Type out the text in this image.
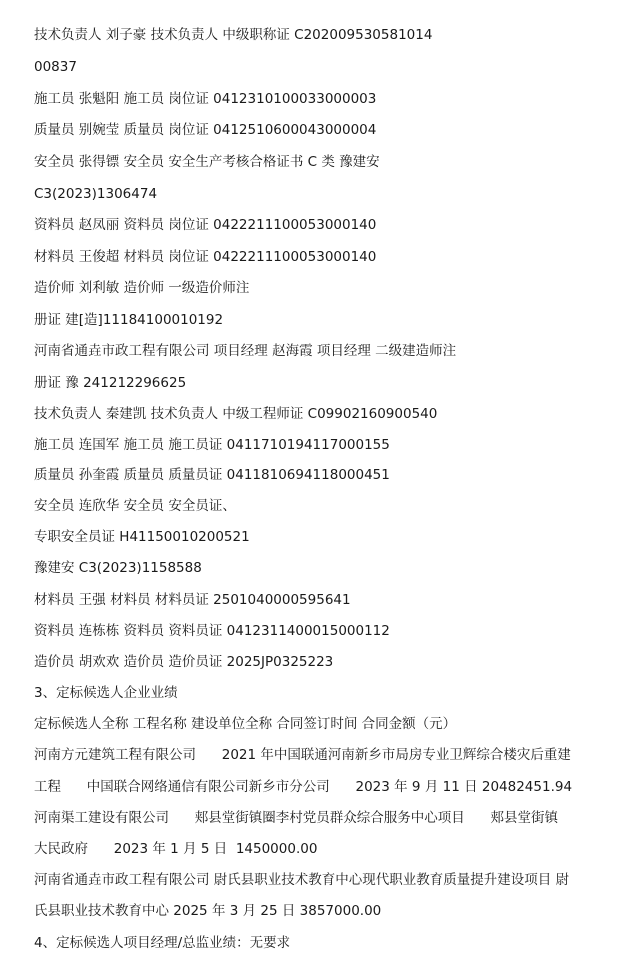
技术负责人 刘子豪 技术负责人 中级职称证 C202009530581014
00837
施工员 张魁阳 施工员 岗位证 0412310100033000003
质量员 别婉莹 质量员 岗位证 0412510600043000004
安全员 张得镖 安全员 安全生产考核合格证书 C 类 豫建安
C3(2023)1306474
资料员 赵凤丽 资料员 岗位证 0422211100053000140
材料员 王俊超 材料员 岗位证 0422211100053000140
造价师 刘利敏 造价师 一级造价师注
册证 建[造]11184100010192
河南省通垚市政工程有限公司 项目经理 赵海霞 项目经理 二级建造师注
册证 豫 241212296625
技术负责人 秦建凯 技术负责人 中级工程师证 C09902160900540
施工员 连国军 施工员 施工员证 0411710194117000155
质量员 孙奎霞 质量员 质量员证 0411810694118000451
安全员 连欣华 安全员 安全员证、
专职安全员证 H41150010200521
豫建安 C3(2023)1158588
材料员 王强 材料员 材料员证 2501040000595641
资料员 连栋栋 资料员 资料员证 0412311400015000112
造价员 胡欢欢 造价员 造价员证 2025JP0325223
3、定标候选人企业业绩
定标候选人全称 工程名称 建设单位全称 合同签订时间 合同金额（元）
河南方元建筑工程有限公司      2021 年中国联通河南新乡市局房专业卫辉综合楼灾后重建
工程      中国联合网络通信有限公司新乡市分公司      2023 年 9 月 11 日 20482451.94
河南渠工建设有限公司      郏县堂街镇圈李村党员群众综合服务中心项目      郏县堂街镇
大民政府      2023 年 1 月 5 日  1450000.00
河南省通垚市政工程有限公司 尉氏县职业技术教育中心现代职业教育质量提升建设项目 尉
氏县职业技术教育中心 2025 年 3 月 25 日 3857000.00
4、定标候选人项目经理/总监业绩：无要求
